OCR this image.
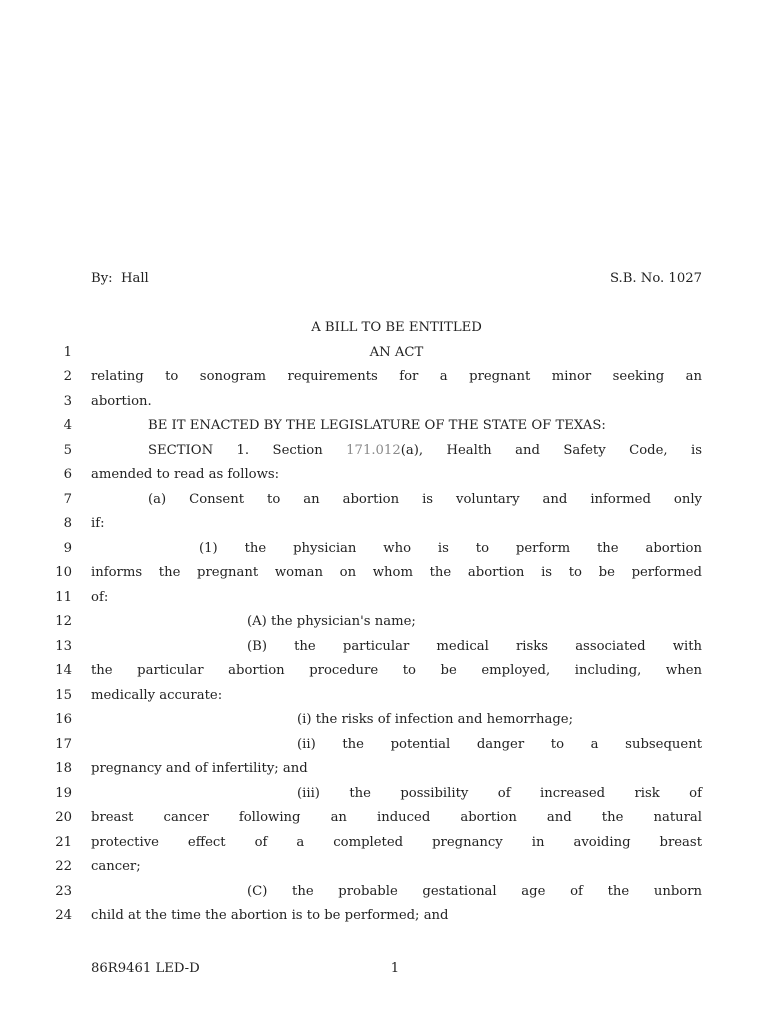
By:  Hall	S.B. No. 1027
A BILL TO BE ENTITLED
1	AN ACT
2 relating to sonogram requirements for a pregnant minor seeking an
3 abortion.
4	BE IT ENACTED BY THE LEGISLATURE OF THE STATE OF TEXAS:
5	SECTION 1. Section 171.012(a), Health and Safety Code, is
6 amended to read as follows:
7	(a) Consent to an abortion is voluntary and informed only
8 if:
9	(1) the physician who is to perform the abortion
10 informs the pregnant woman on whom the abortion is to be performed
11 of:
12	(A) the physician's name;
13	(B) the particular medical risks associated with
14 the particular abortion procedure to be employed, including, when
15 medically accurate:
16	(i) the risks of infection and hemorrhage;
17	(ii) the potential danger to a subsequent
18 pregnancy and of infertility; and
19	(iii) the possibility of increased risk of
20 breast cancer following an induced abortion and the natural
21 protective effect of a completed pregnancy in avoiding breast
22 cancer;
23	(C) the probable gestational age of the unborn
24 child at the time the abortion is to be performed; and
86R9461 LED-D	1
